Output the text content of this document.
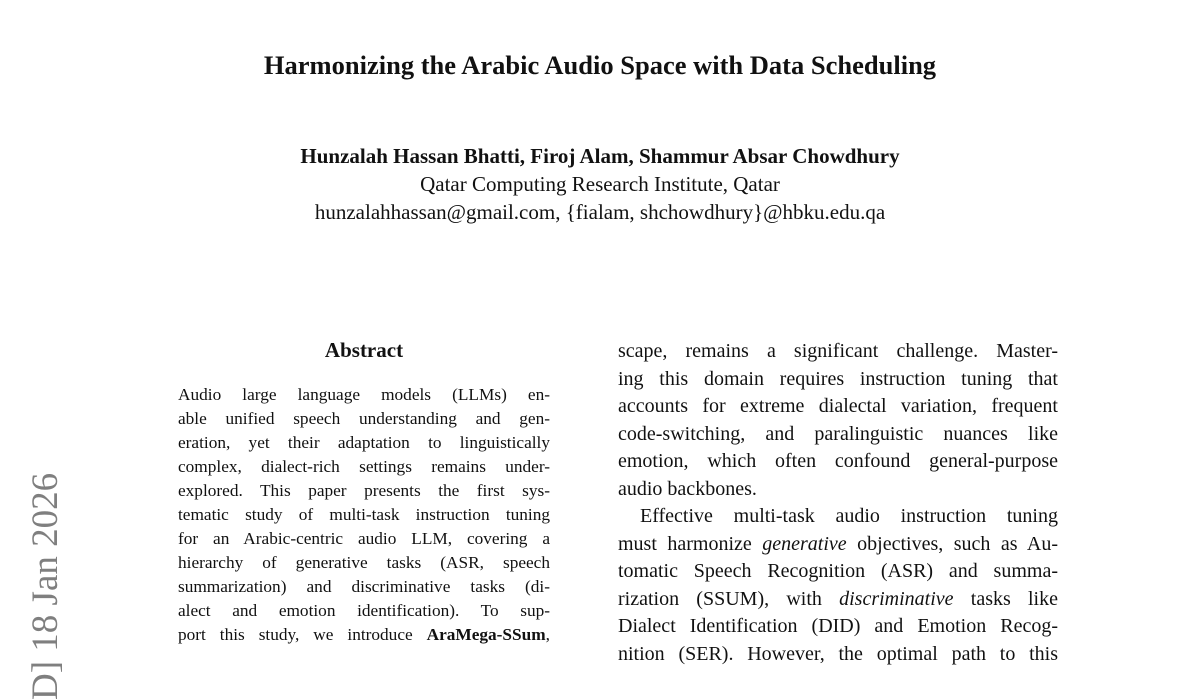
Harmonizing the Arabic Audio Space with Data Scheduling
Hunzalah Hassan Bhatti, Firoj Alam, Shammur Absar Chowdhury
Qatar Computing Research Institute, Qatar
hunzalahhassan@gmail.com, {fialam, shchowdhury}@hbku.edu.qa
D] 18 Jan 2026
Abstract
Audio large language models (LLMs) en-
able unified speech understanding and gen-
eration, yet their adaptation to linguistically
complex, dialect-rich settings remains under-
explored. This paper presents the first sys-
tematic study of multi-task instruction tuning
for an Arabic-centric audio LLM, covering a
hierarchy of generative tasks (ASR, speech
summarization) and discriminative tasks (di-
alect and emotion identification). To sup-
port this study, we introduce AraMega-SSum,
scape, remains a significant challenge. Master-
ing this domain requires instruction tuning that
accounts for extreme dialectal variation, frequent
code-switching, and paralinguistic nuances like
emotion, which often confound general-purpose
audio backbones.
Effective multi-task audio instruction tuning
must harmonize generative objectives, such as Au-
tomatic Speech Recognition (ASR) and summa-
rization (SSUM), with discriminative tasks like
Dialect Identification (DID) and Emotion Recog-
nition (SER). However, the optimal path to this
